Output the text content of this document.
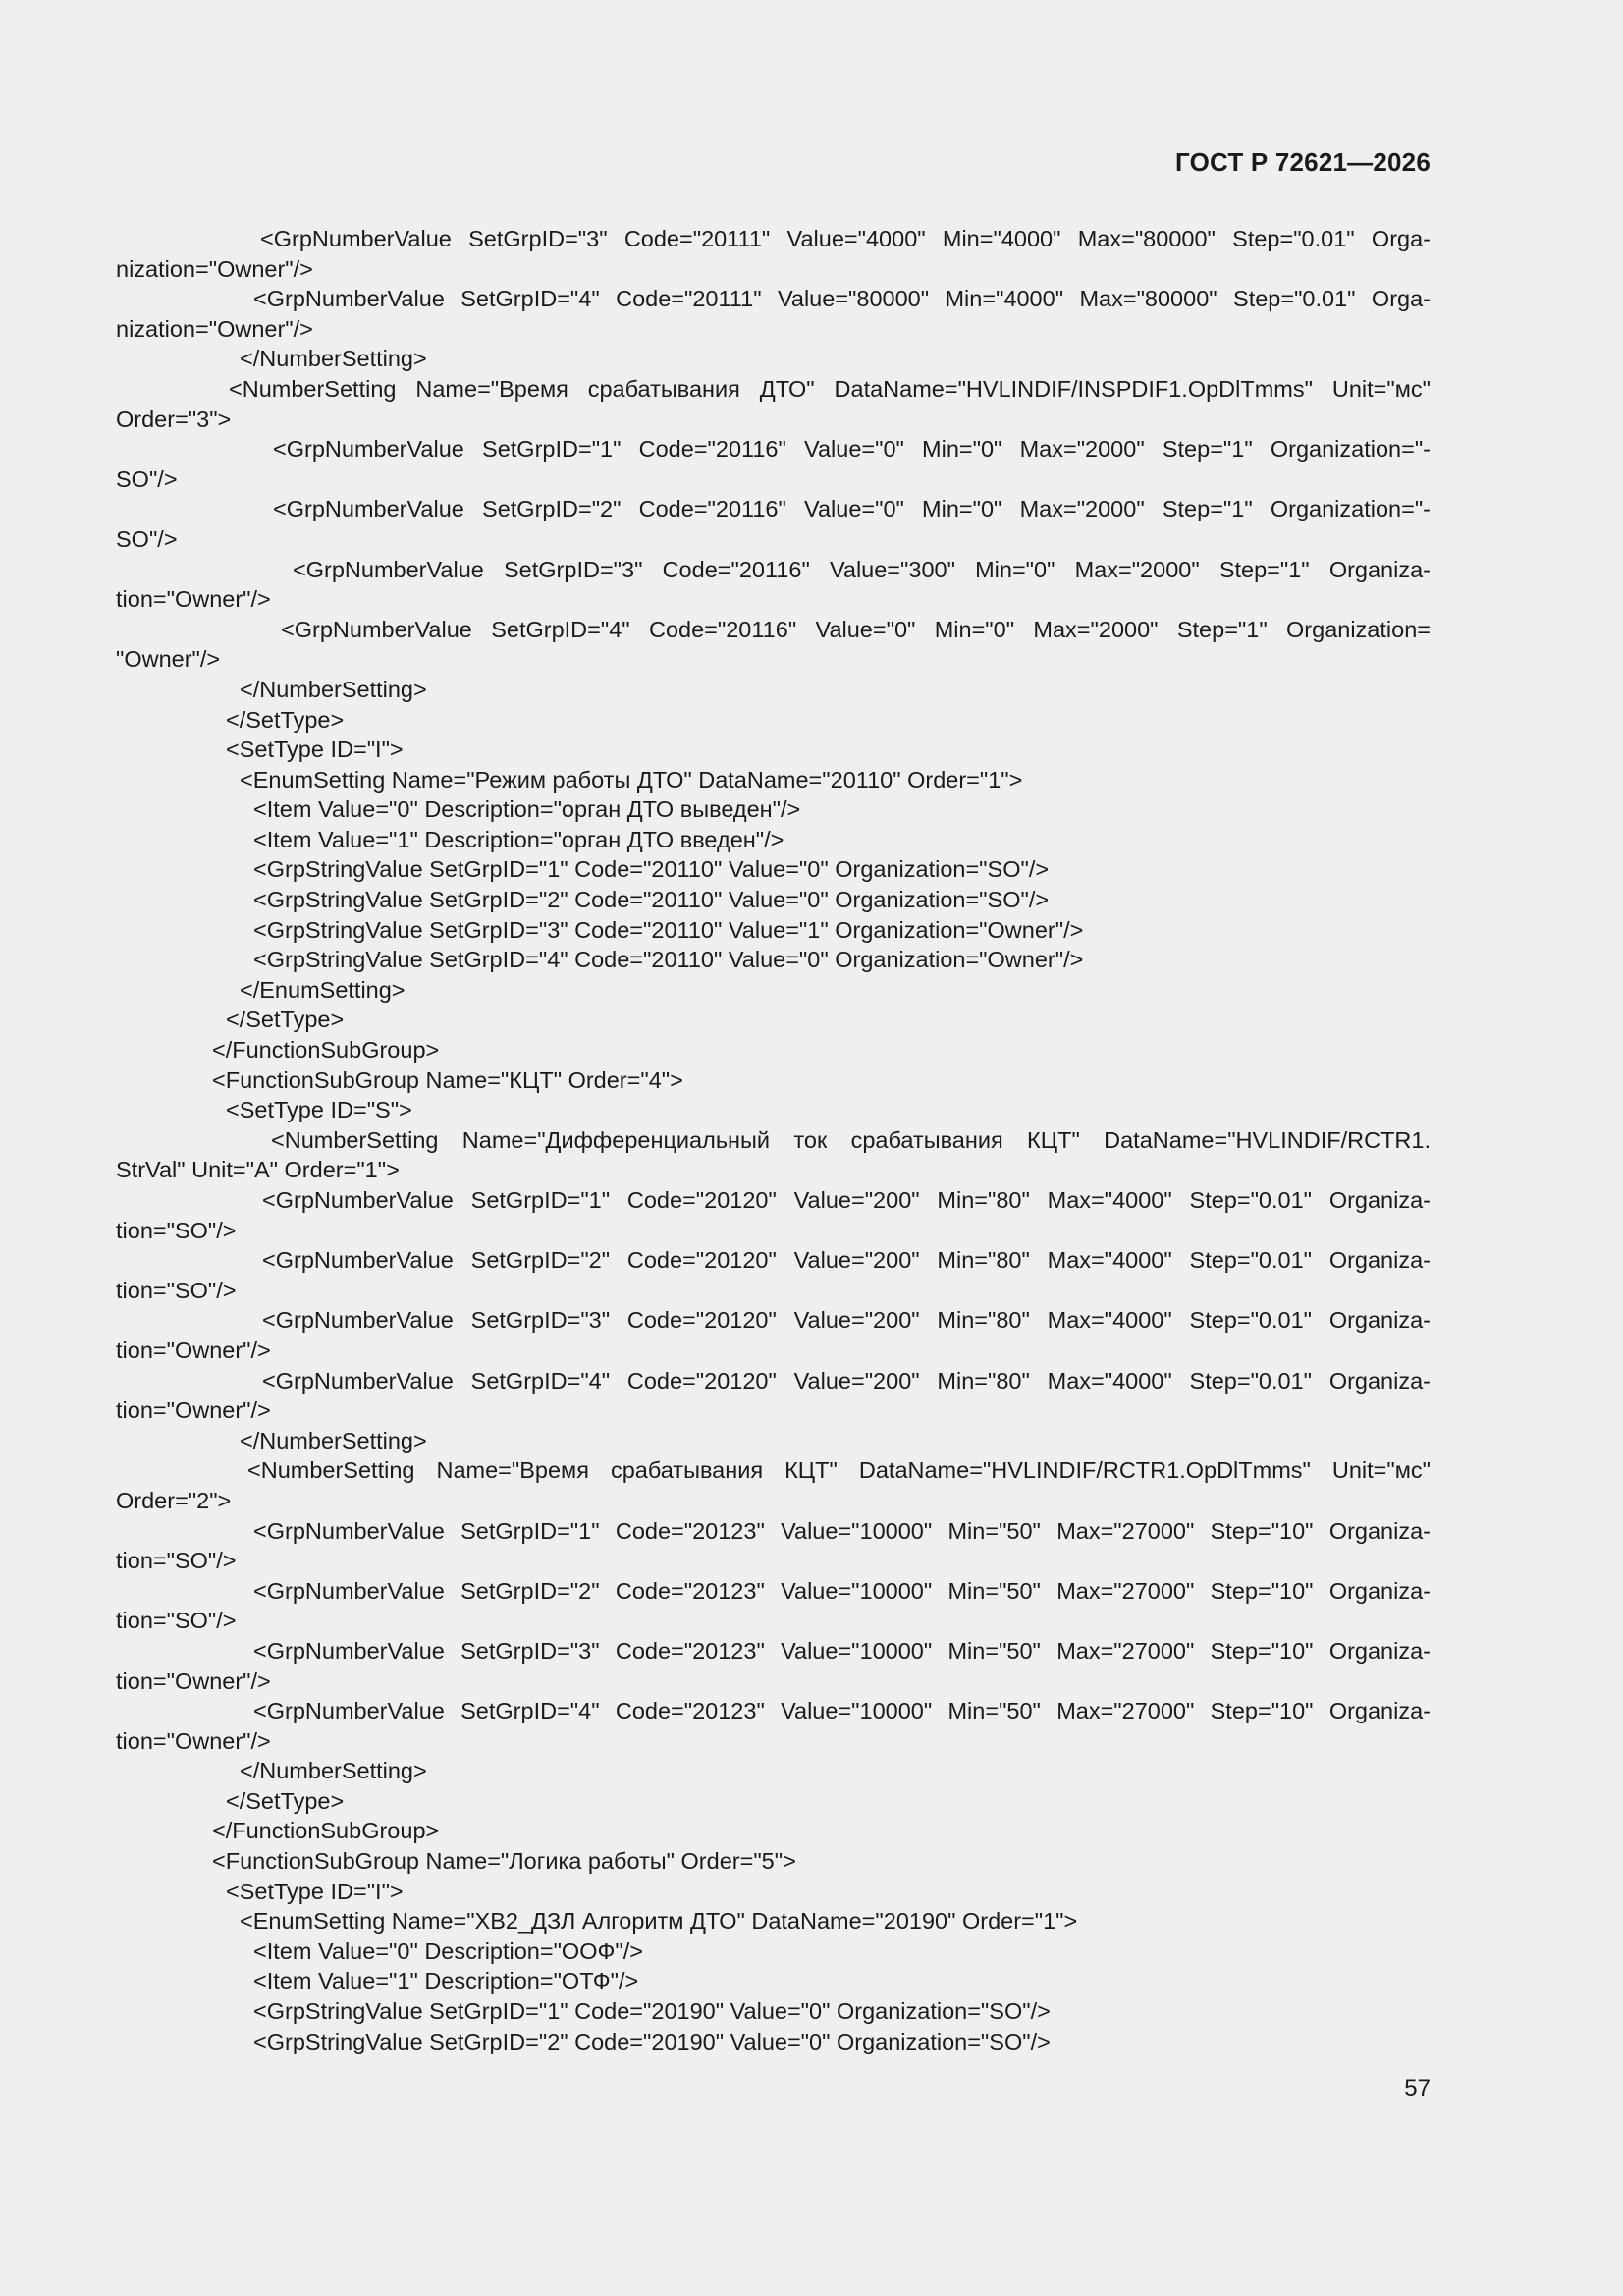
ГОСТ Р 72621—2026
<GrpNumberValue SetGrpID="3" Code="20111" Value="4000" Min="4000" Max="80000" Step="0.01" Orga-
nization="Owner"/>
<GrpNumberValue SetGrpID="4" Code="20111" Value="80000" Min="4000" Max="80000" Step="0.01" Orga-
nization="Owner"/>
</NumberSetting>
<NumberSetting Name="Время срабатывания ДТО" DataName="HVLINDIF/INSPDIF1.OpDlTmms" Unit="мс"
Order="3">
<GrpNumberValue SetGrpID="1" Code="20116" Value="0" Min="0" Max="2000" Step="1" Organization="-
SO"/>
<GrpNumberValue SetGrpID="2" Code="20116" Value="0" Min="0" Max="2000" Step="1" Organization="-
SO"/>
<GrpNumberValue SetGrpID="3" Code="20116" Value="300" Min="0" Max="2000" Step="1" Organiza-
tion="Owner"/>
<GrpNumberValue SetGrpID="4" Code="20116" Value="0" Min="0" Max="2000" Step="1" Organization=
"Owner"/>
</NumberSetting>
</SetType>
<SetType ID="I">
<EnumSetting Name="Режим работы ДТО" DataName="20110" Order="1">
<Item Value="0" Description="орган ДТО выведен"/>
<Item Value="1" Description="орган ДТО введен"/>
<GrpStringValue SetGrpID="1" Code="20110" Value="0" Organization="SO"/>
<GrpStringValue SetGrpID="2" Code="20110" Value="0" Organization="SO"/>
<GrpStringValue SetGrpID="3" Code="20110" Value="1" Organization="Owner"/>
<GrpStringValue SetGrpID="4" Code="20110" Value="0" Organization="Owner"/>
</EnumSetting>
</SetType>
</FunctionSubGroup>
<FunctionSubGroup Name="КЦТ" Order="4">
<SetType ID="S">
<NumberSetting Name="Дифференциальный ток срабатывания КЦТ" DataName="HVLINDIF/RCTR1.
StrVal" Unit="A" Order="1">
<GrpNumberValue SetGrpID="1" Code="20120" Value="200" Min="80" Max="4000" Step="0.01" Organiza-
tion="SO"/>
<GrpNumberValue SetGrpID="2" Code="20120" Value="200" Min="80" Max="4000" Step="0.01" Organiza-
tion="SO"/>
<GrpNumberValue SetGrpID="3" Code="20120" Value="200" Min="80" Max="4000" Step="0.01" Organiza-
tion="Owner"/>
<GrpNumberValue SetGrpID="4" Code="20120" Value="200" Min="80" Max="4000" Step="0.01" Organiza-
tion="Owner"/>
</NumberSetting>
<NumberSetting Name="Время срабатывания КЦТ" DataName="HVLINDIF/RCTR1.OpDlTmms" Unit="мс"
Order="2">
<GrpNumberValue SetGrpID="1" Code="20123" Value="10000" Min="50" Max="27000" Step="10" Organiza-
tion="SO"/>
<GrpNumberValue SetGrpID="2" Code="20123" Value="10000" Min="50" Max="27000" Step="10" Organiza-
tion="SO"/>
<GrpNumberValue SetGrpID="3" Code="20123" Value="10000" Min="50" Max="27000" Step="10" Organiza-
tion="Owner"/>
<GrpNumberValue SetGrpID="4" Code="20123" Value="10000" Min="50" Max="27000" Step="10" Organiza-
tion="Owner"/>
</NumberSetting>
</SetType>
</FunctionSubGroup>
<FunctionSubGroup Name="Логика работы" Order="5">
<SetType ID="I">
<EnumSetting Name="ХВ2_ДЗЛ Алгоритм ДТО" DataName="20190" Order="1">
<Item Value="0" Description="ООФ"/>
<Item Value="1" Description="ОТФ"/>
<GrpStringValue SetGrpID="1" Code="20190" Value="0" Organization="SO"/>
<GrpStringValue SetGrpID="2" Code="20190" Value="0" Organization="SO"/>
57
